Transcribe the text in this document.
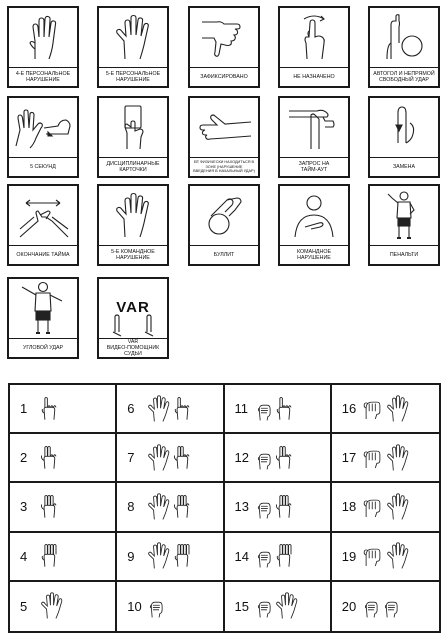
4-Е ПЕРСОНАЛЬНОЕ
НАРУШЕНИЕ
5-Е ПЕРСОНАЛЬНОЕ
НАРУШЕНИЕ	ЗАФИКСИРОВАНО	НЕ НАЗНАЧЕНО	АВТОГОЛ И НЕПРЯМОЙ
СВОБОДНЫЙ УДАР
5 СЕКУНД	ДИСЦИПЛИНАРНЫЕ
КАРТОЧКИ
ЕЁ ФИЗИЧЕСКИ НАХОДИТЬСЯ В
ЗОНЕ (НАРУШЕНИЕ
ВВЕДЕНИЯ В НАЧАЛЬНЫЙ УДАР)
ЗАПРОС НА
ТАЙМ-АУТ	ЗАМЕНА
ОКОНЧАНИЕ ТАЙМА	5-Е КОМАНДНОЕ
НАРУШЕНИЕ	БУЛЛИТ	КОМАНДНОЕ
НАРУШЕНИЕ	ПЕНАЛЬТИ
УГЛОВОЙ УДАР
VAR
VAR
ВИДЕО-ПОМОЩНИК СУДЬИ
1	6	11	16
2	7	12	17
3	8	13	18
4	9	14	19
5	10	15	20
